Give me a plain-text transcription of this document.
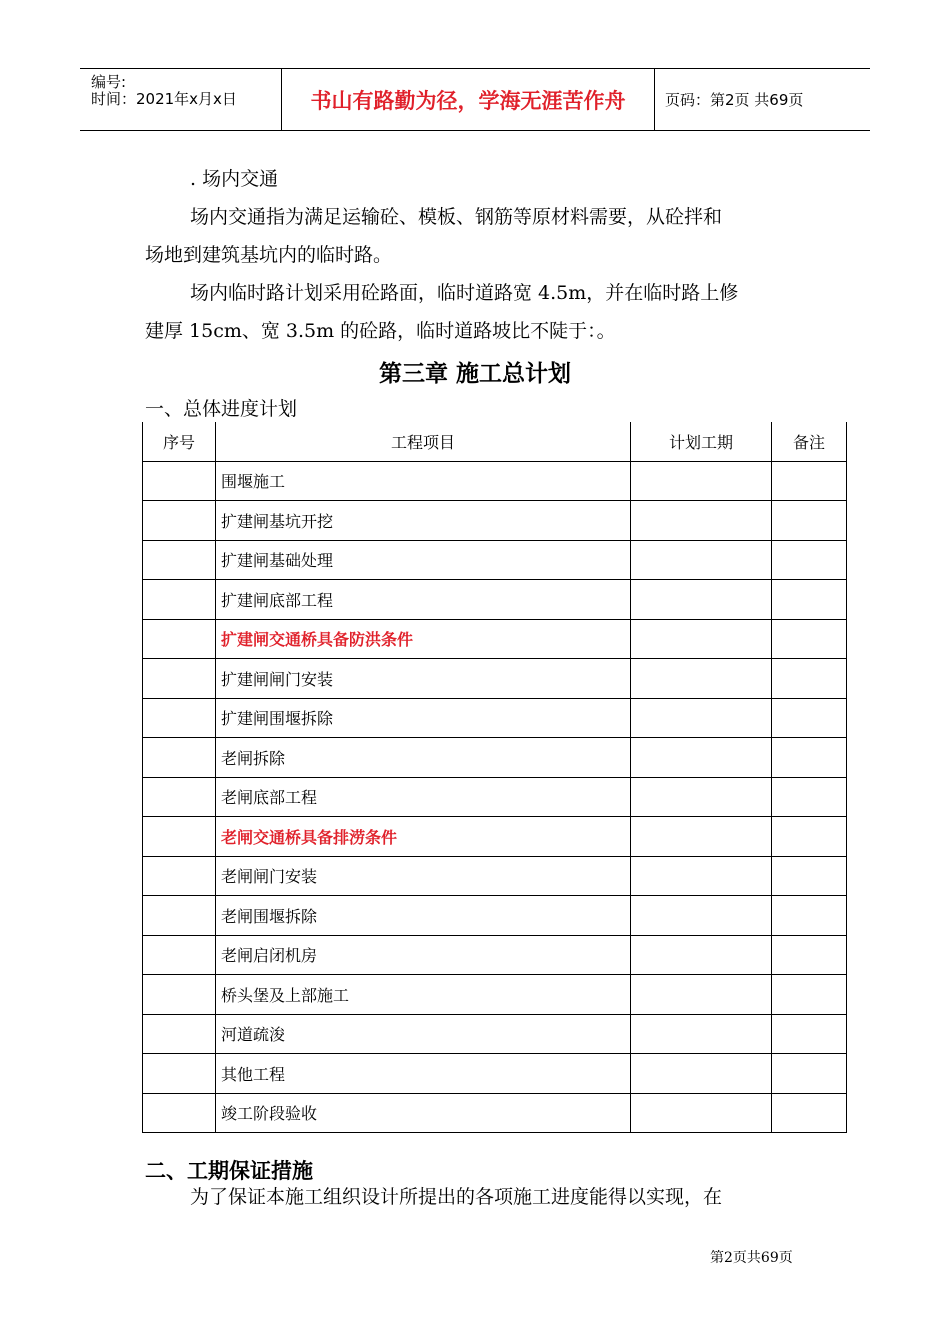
编号:
时间：2021年x月x日	书山有路勤为径，学海无涯苦作舟	页码：第2页 共69页
. 场内交通
场内交通指为满足运输砼、模板、钢筋等原材料需要，从砼拌和
场地到建筑基坑内的临时路。
场内临时路计划采用砼路面，临时道路宽 4.5m，并在临时路上修
建厚 15cm、宽 3.5m 的砼路，临时道路坡比不陡于：。
第三章 施工总计划
一、总体进度计划
序号	工程项目	计划工期	备注
	围堰施工		
	扩建闸基坑开挖		
	扩建闸基础处理		
	扩建闸底部工程		
	扩建闸交通桥具备防洪条件		
	扩建闸闸门安装		
	扩建闸围堰拆除		
	老闸拆除		
	老闸底部工程		
	老闸交通桥具备排涝条件		
	老闸闸门安装		
	老闸围堰拆除		
	老闸启闭机房		
	桥头堡及上部施工		
	河道疏浚		
	其他工程		
	竣工阶段验收		
二、工期保证措施
为了保证本施工组织设计所提出的各项施工进度能得以实现，在
第2页共69页
